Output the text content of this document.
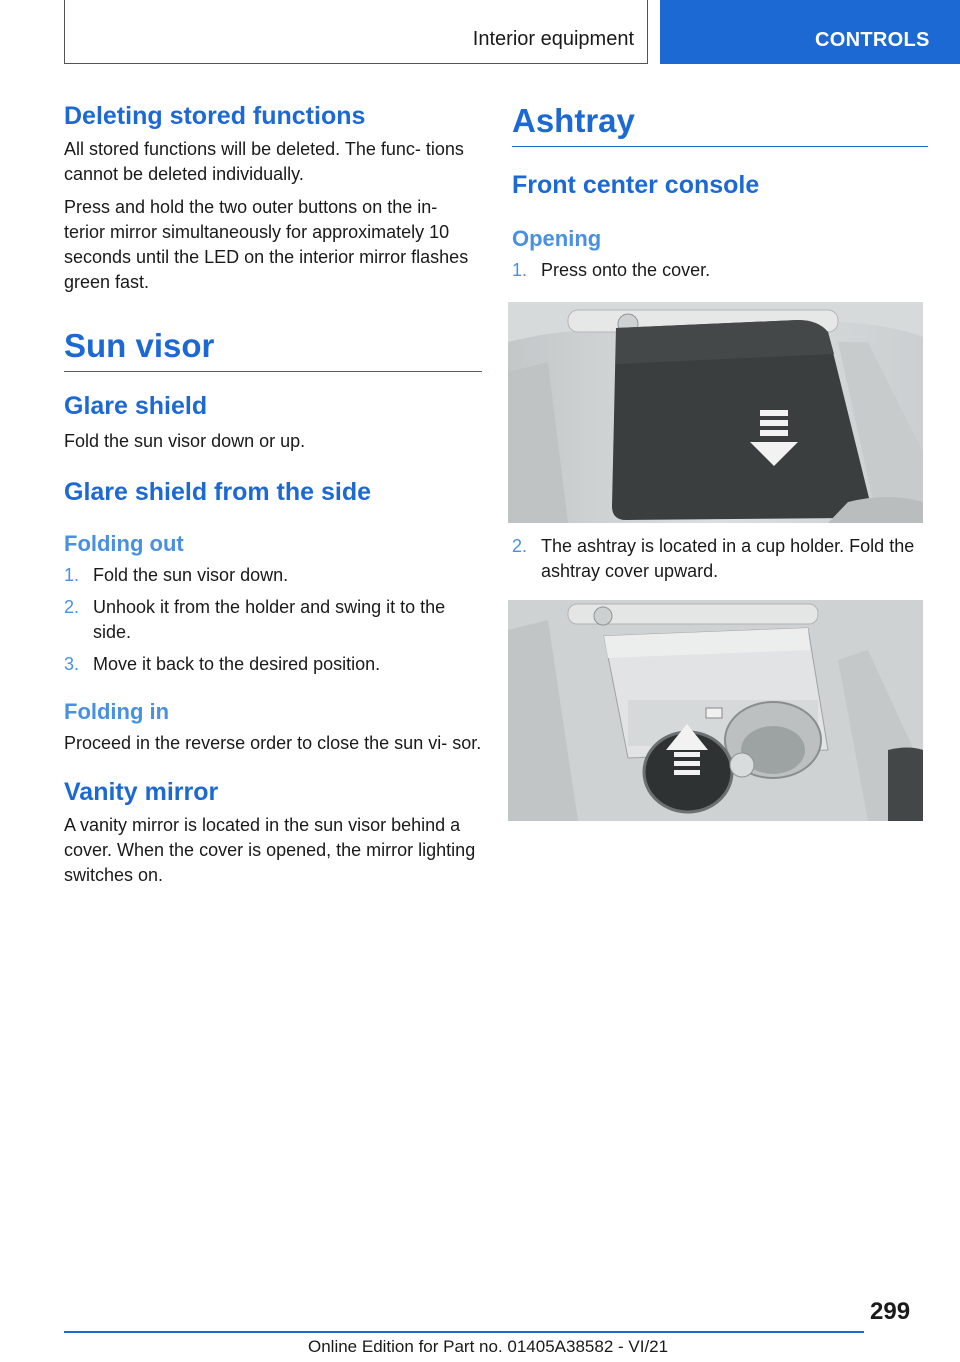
Interior equipment	CONTROLS
Deleting stored functions

All stored functions will be deleted. The func‐ tions cannot be deleted individually.

Press and hold the two outer buttons on the in‐ terior mirror simultaneously for approximately 10 seconds until the LED on the interior mirror flashes green fast.

Sun visor
Glare shield

Fold the sun visor down or up.

Glare shield from the side
Folding out
1. Fold the sun visor down.
2. Unhook it from the holder and swing it to the side.
3. Move it back to the desired position.
Folding in

Proceed in the reverse order to close the sun vi‐ sor.

Vanity mirror

A vanity mirror is located in the sun visor behind a cover. When the cover is opened, the mirror lighting switches on.

Ashtray
Front center console
Opening
1. Press onto the cover.
2. The ashtray is located in a cup holder. Fold the ashtray cover upward.
299
Online Edition for Part no. 01405A38582 - VI/21
